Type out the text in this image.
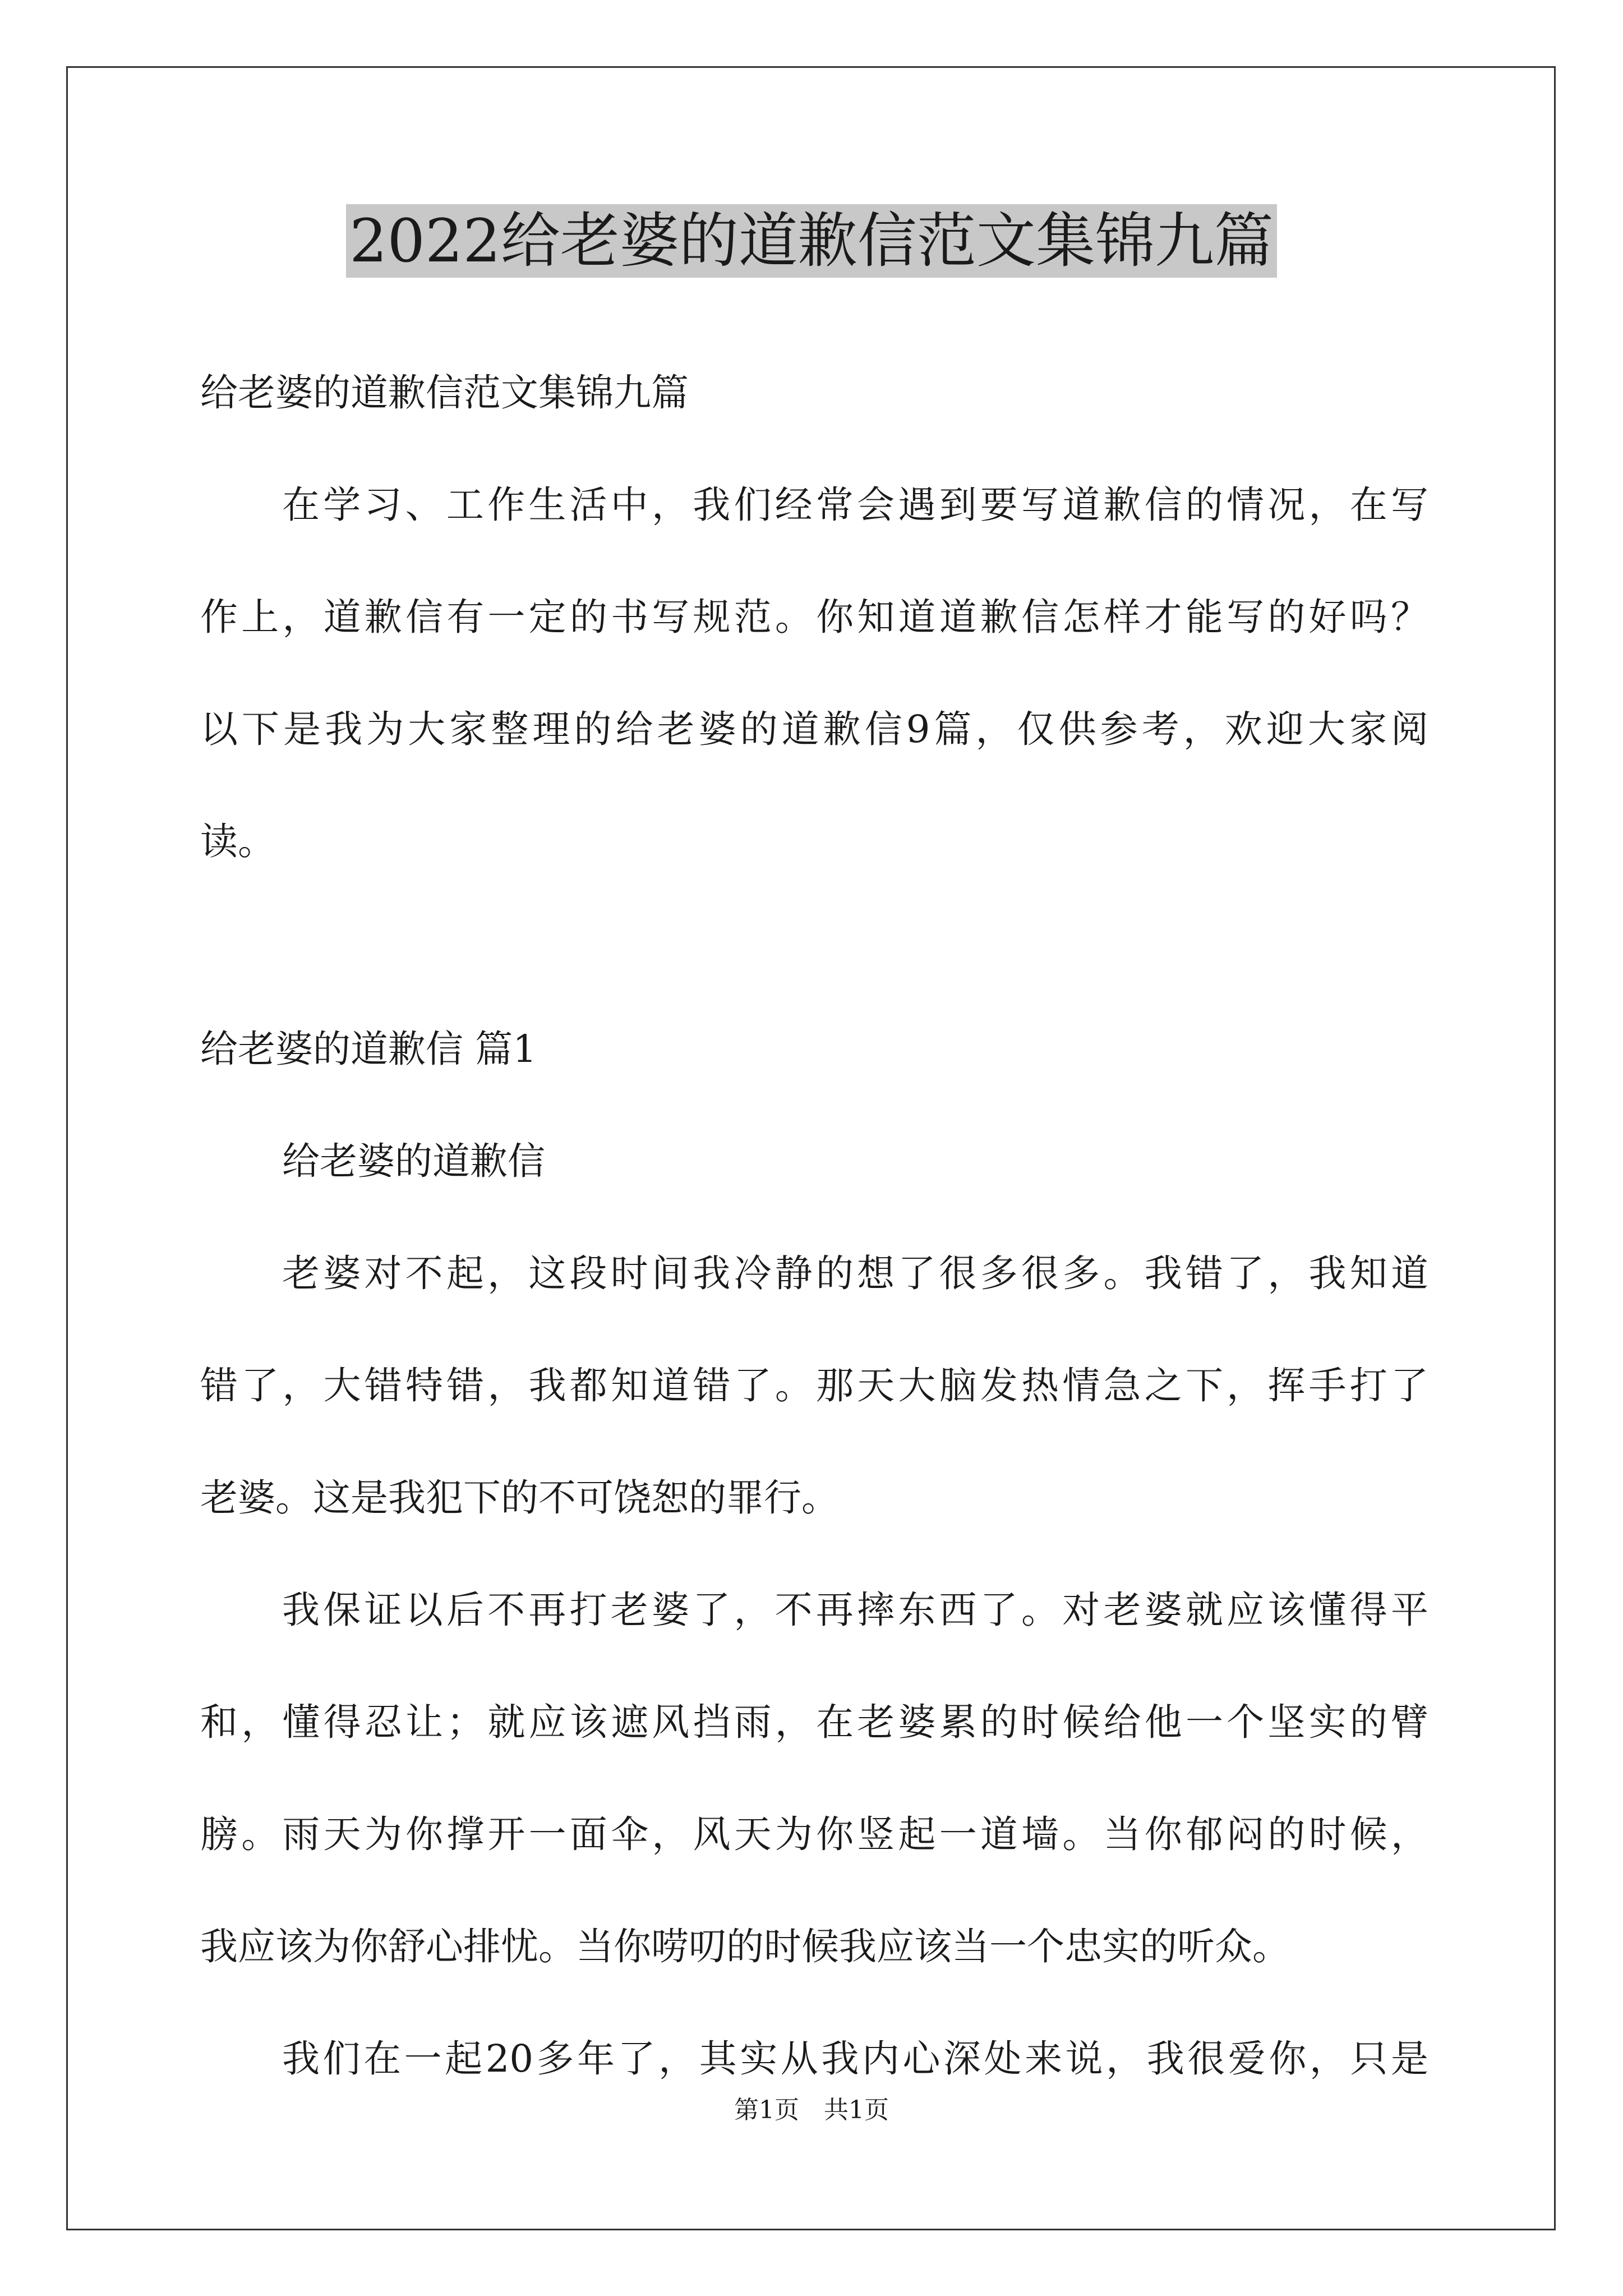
2022给老婆的道歉信范文集锦九篇
给老婆的道歉信范文集锦九篇
在学习、工作生活中，我们经常会遇到要写道歉信的情况，在写
作上，道歉信有一定的书写规范。你知道道歉信怎样才能写的好吗？
以下是我为大家整理的给老婆的道歉信9篇，仅供参考，欢迎大家阅
读。
给老婆的道歉信 篇1
给老婆的道歉信
老婆对不起，这段时间我冷静的想了很多很多。我错了，我知道
错了，大错特错，我都知道错了。那天大脑发热情急之下，挥手打了
老婆。这是我犯下的不可饶恕的罪行。
我保证以后不再打老婆了，不再摔东西了。对老婆就应该懂得平
和，懂得忍让；就应该遮风挡雨，在老婆累的时候给他一个坚实的臂
膀。雨天为你撑开一面伞，风天为你竖起一道墙。当你郁闷的时候，
我应该为你舒心排忧。当你唠叨的时候我应该当一个忠实的听众。
我们在一起20多年了，其实从我内心深处来说，我很爱你，只是
第1页 共1页
